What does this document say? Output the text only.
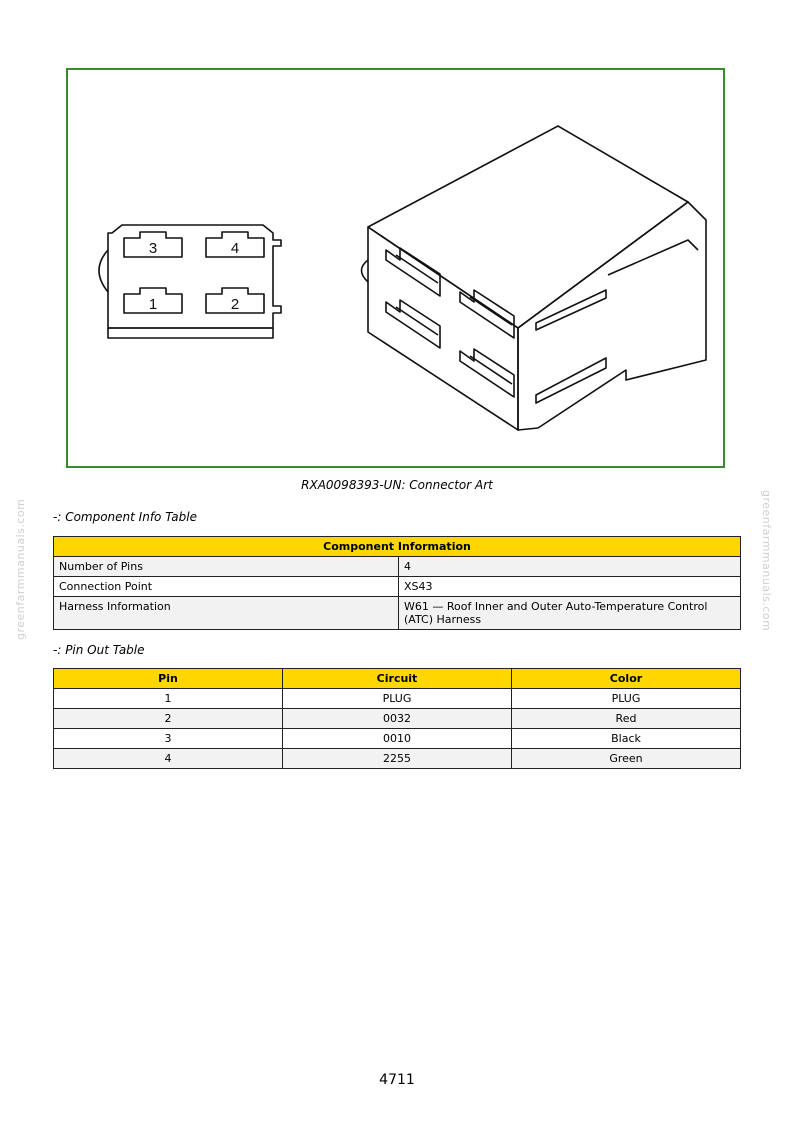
3	4
1	2
RXA0098393-UN: Connector Art
greenfarmmanuals.com	greenfarmmanuals.com
-: Component Info Table
Component Information	
Number of Pins	4
Connection Point	XS43
Harness Information	W61 — Roof Inner and Outer Auto-Temperature Control (ATC) Harness
-: Pin Out Table
Pin	Circuit	Color
1	PLUG	PLUG
2	0032	Red
3	0010	Black
4	2255	Green
4711
